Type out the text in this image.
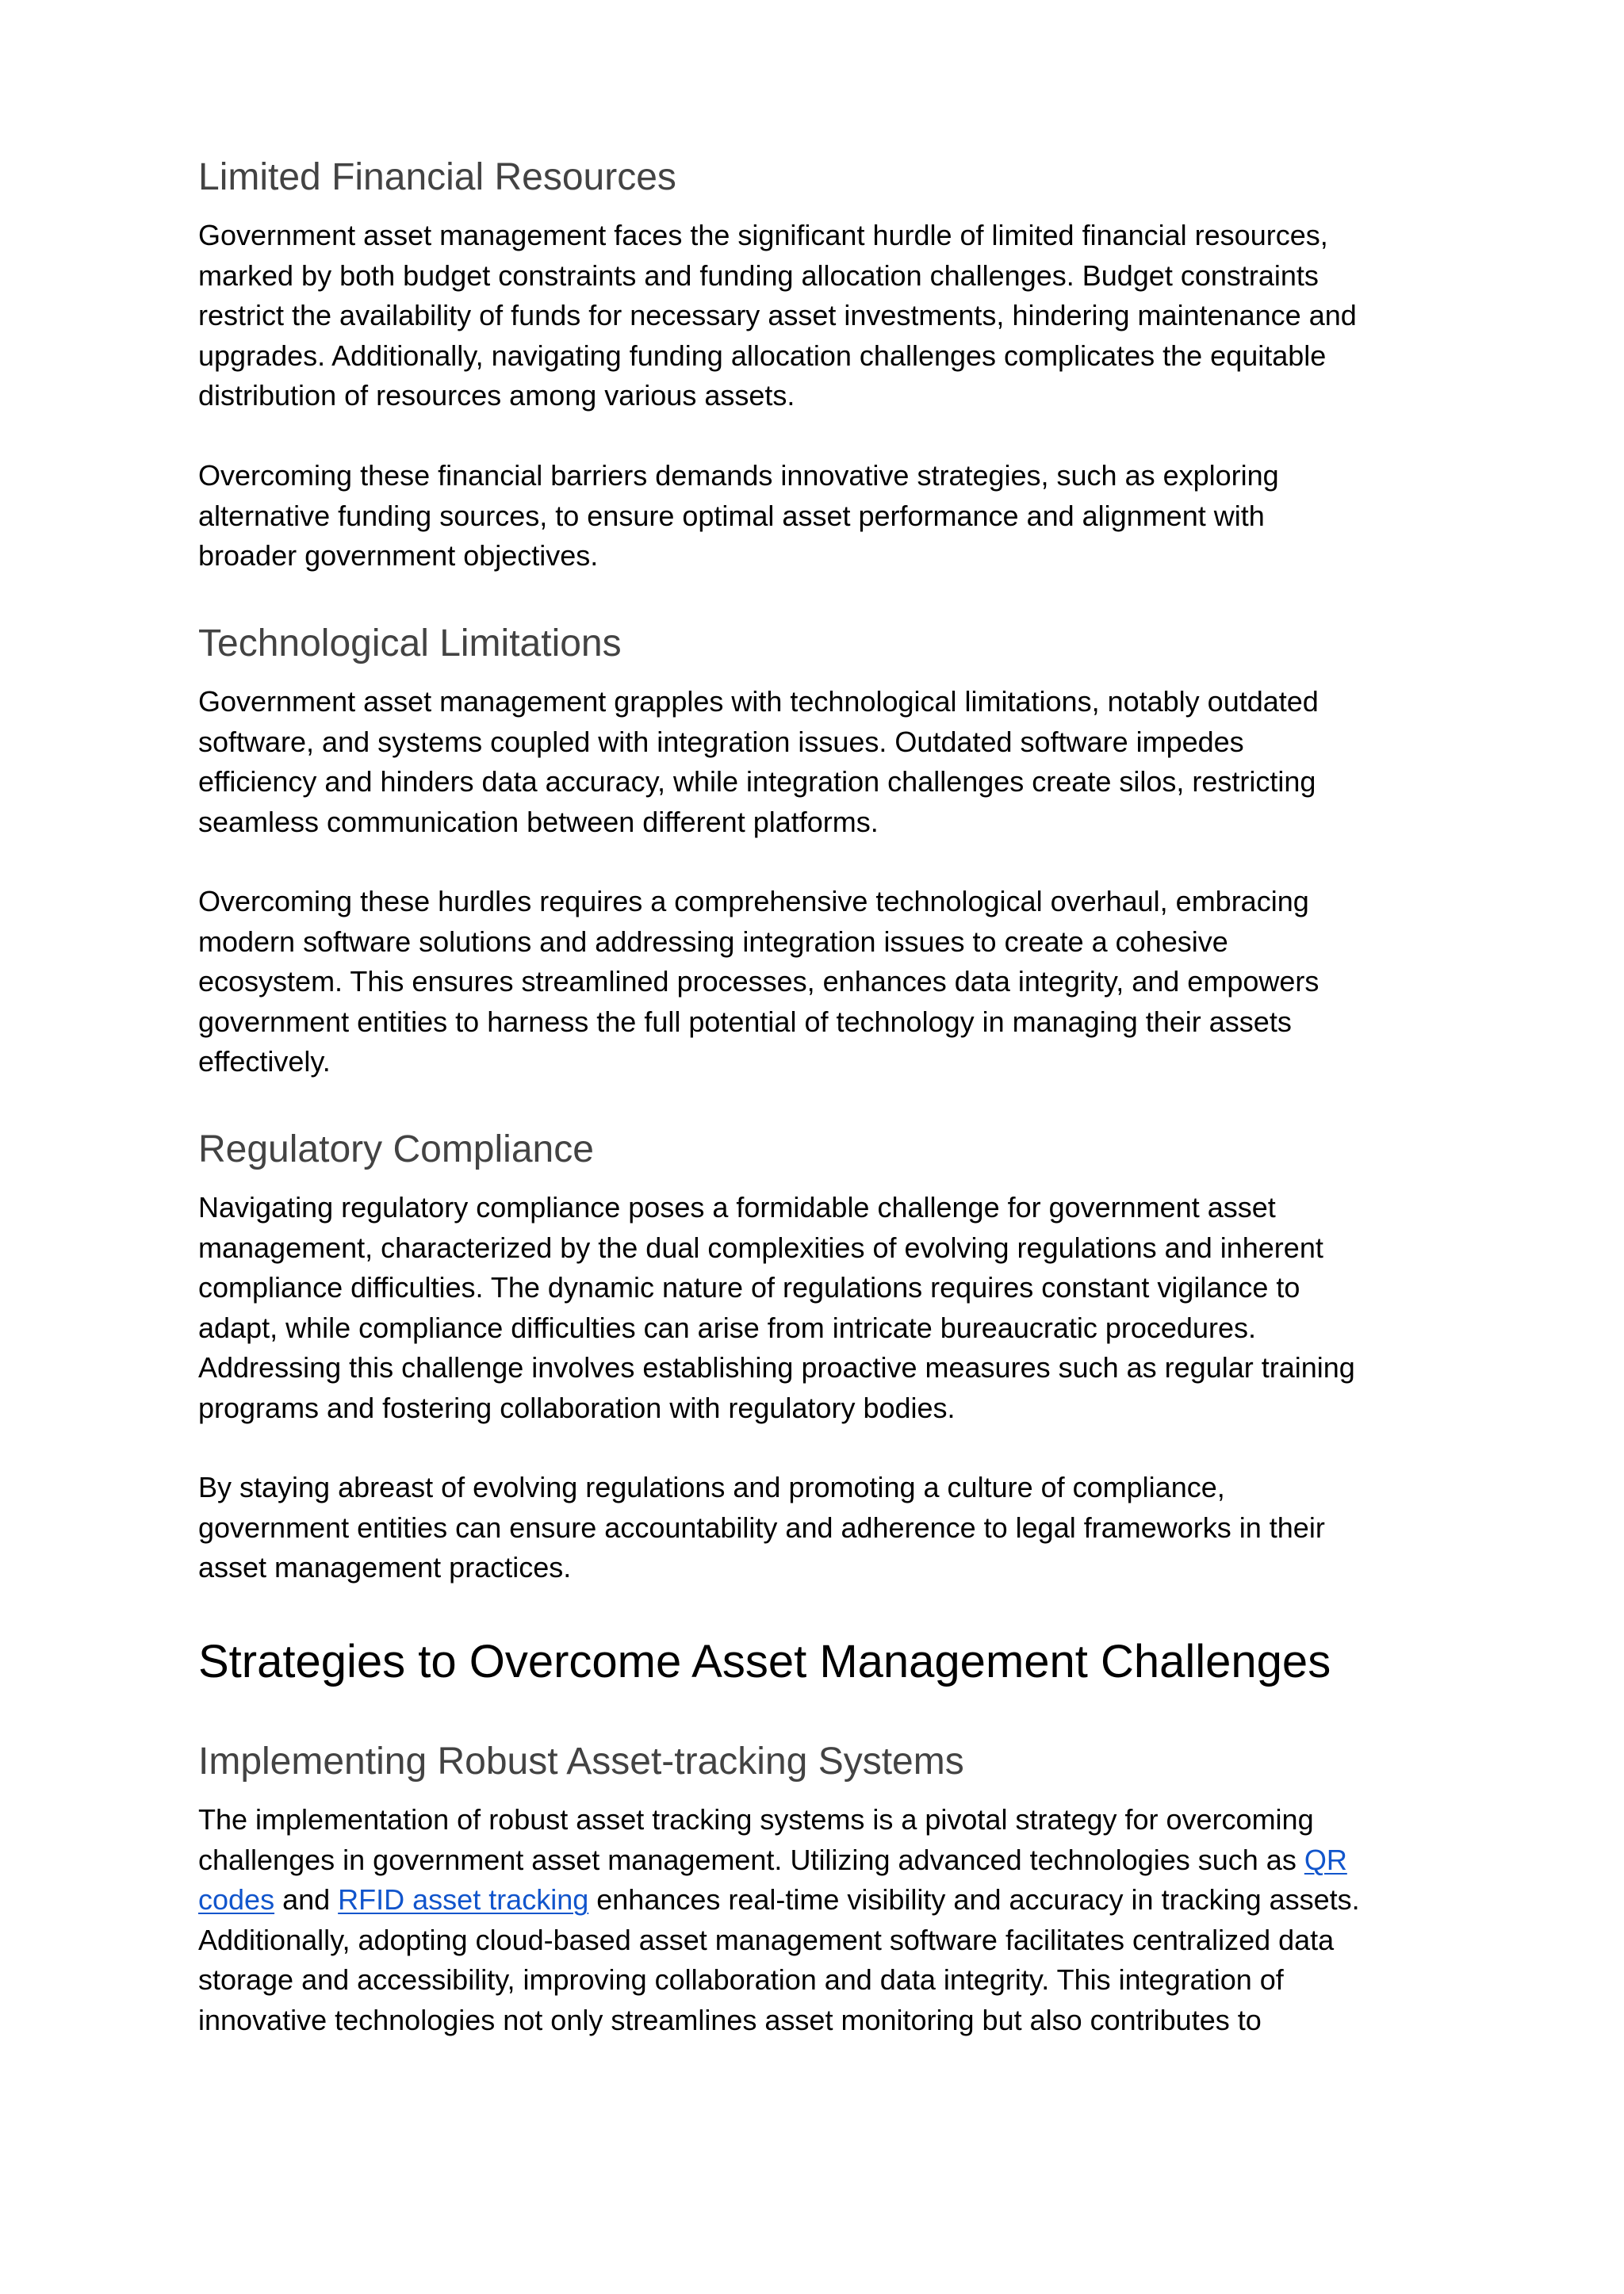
Limited Financial Resources

Government asset management faces the significant hurdle of limited financial resources,
marked by both budget constraints and funding allocation challenges. Budget constraints
restrict the availability of funds for necessary asset investments, hindering maintenance and
upgrades. Additionally, navigating funding allocation challenges complicates the equitable
distribution of resources among various assets.

Overcoming these financial barriers demands innovative strategies, such as exploring
alternative funding sources, to ensure optimal asset performance and alignment with
broader government objectives.

Technological Limitations

Government asset management grapples with technological limitations, notably outdated
software, and systems coupled with integration issues. Outdated software impedes
efficiency and hinders data accuracy, while integration challenges create silos, restricting
seamless communication between different platforms.

Overcoming these hurdles requires a comprehensive technological overhaul, embracing
modern software solutions and addressing integration issues to create a cohesive
ecosystem. This ensures streamlined processes, enhances data integrity, and empowers
government entities to harness the full potential of technology in managing their assets
effectively.

Regulatory Compliance

Navigating regulatory compliance poses a formidable challenge for government asset
management, characterized by the dual complexities of evolving regulations and inherent
compliance difficulties. The dynamic nature of regulations requires constant vigilance to
adapt, while compliance difficulties can arise from intricate bureaucratic procedures.
Addressing this challenge involves establishing proactive measures such as regular training
programs and fostering collaboration with regulatory bodies.

By staying abreast of evolving regulations and promoting a culture of compliance,
government entities can ensure accountability and adherence to legal frameworks in their
asset management practices.

Strategies to Overcome Asset Management Challenges
Implementing Robust Asset-tracking Systems

The implementation of robust asset tracking systems is a pivotal strategy for overcoming
challenges in government asset management. Utilizing advanced technologies such as QR
codes and RFID asset tracking enhances real-time visibility and accuracy in tracking assets.
Additionally, adopting cloud-based asset management software facilitates centralized data
storage and accessibility, improving collaboration and data integrity. This integration of
innovative technologies not only streamlines asset monitoring but also contributes to
